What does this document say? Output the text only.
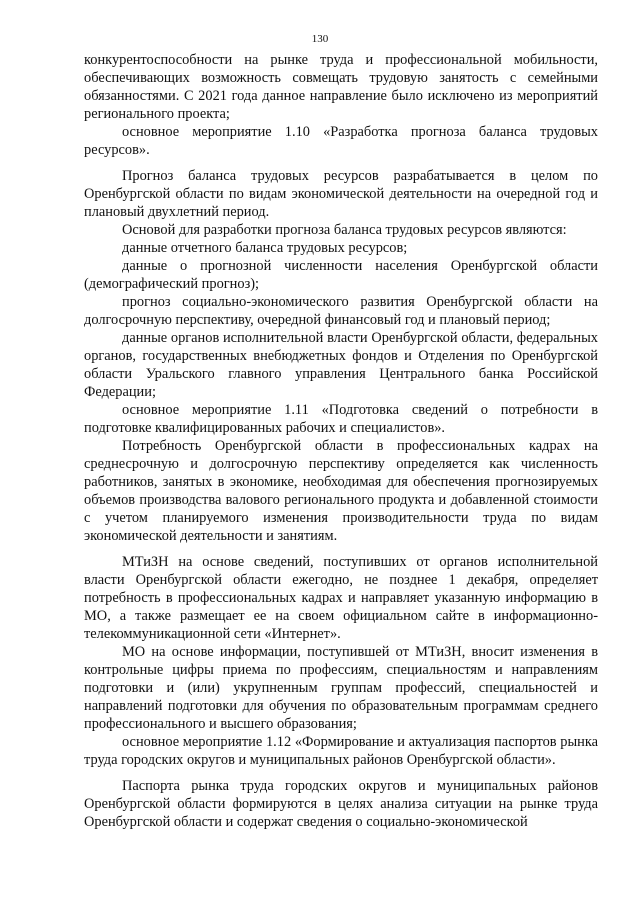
130

конкурентоспособности на рынке труда и профессиональной мобильности, обеспечивающих возможность совмещать трудовую занятость с семейными обязанностями. С 2021 года данное направление было исключено из мероприятий регионального проекта;

основное мероприятие 1.10 «Разработка прогноза баланса трудовых ресурсов».

Прогноз баланса трудовых ресурсов разрабатывается в целом по Оренбургской области по видам экономической деятельности на очередной год и плановый двухлетний период.

Основой для разработки прогноза баланса трудовых ресурсов являются:

данные отчетного баланса трудовых ресурсов;

данные о прогнозной численности населения Оренбургской области (демографический прогноз);

прогноз социально-экономического развития Оренбургской области на долгосрочную перспективу, очередной финансовый год и плановый период;

данные органов исполнительной власти Оренбургской области, федеральных органов, государственных внебюджетных фондов и Отделения по Оренбургской области Уральского главного управления Центрального банка Российской Федерации;

основное мероприятие 1.11 «Подготовка сведений о потребности в подготовке квалифицированных рабочих и специалистов».

Потребность Оренбургской области в профессиональных кадрах на среднесрочную и долгосрочную перспективу определяется как численность работников, занятых в экономике, необходимая для обеспечения прогнозируемых объемов производства валового регионального продукта и добавленной стоимости с учетом планируемого изменения производительности труда по видам экономической деятельности и занятиям.

МТиЗН на основе сведений, поступивших от органов исполнительной власти Оренбургской области ежегодно, не позднее 1 декабря, определяет потребность в профессиональных кадрах и направляет указанную информацию в МО, а также размещает ее на своем официальном сайте в информационно-телекоммуникационной сети «Интернет».

МО на основе информации, поступившей от МТиЗН, вносит изменения в контрольные цифры приема по профессиям, специальностям и направлениям подготовки и (или) укрупненным группам профессий, специальностей и направлений подготовки для обучения по образовательным программам среднего профессионального и высшего образования;

основное мероприятие 1.12 «Формирование и актуализация паспортов рынка труда городских округов и муниципальных районов Оренбургской области».

Паспорта рынка труда городских округов и муниципальных районов Оренбургской области формируются в целях анализа ситуации на рынке труда Оренбургской области и содержат сведения о социально-экономической
